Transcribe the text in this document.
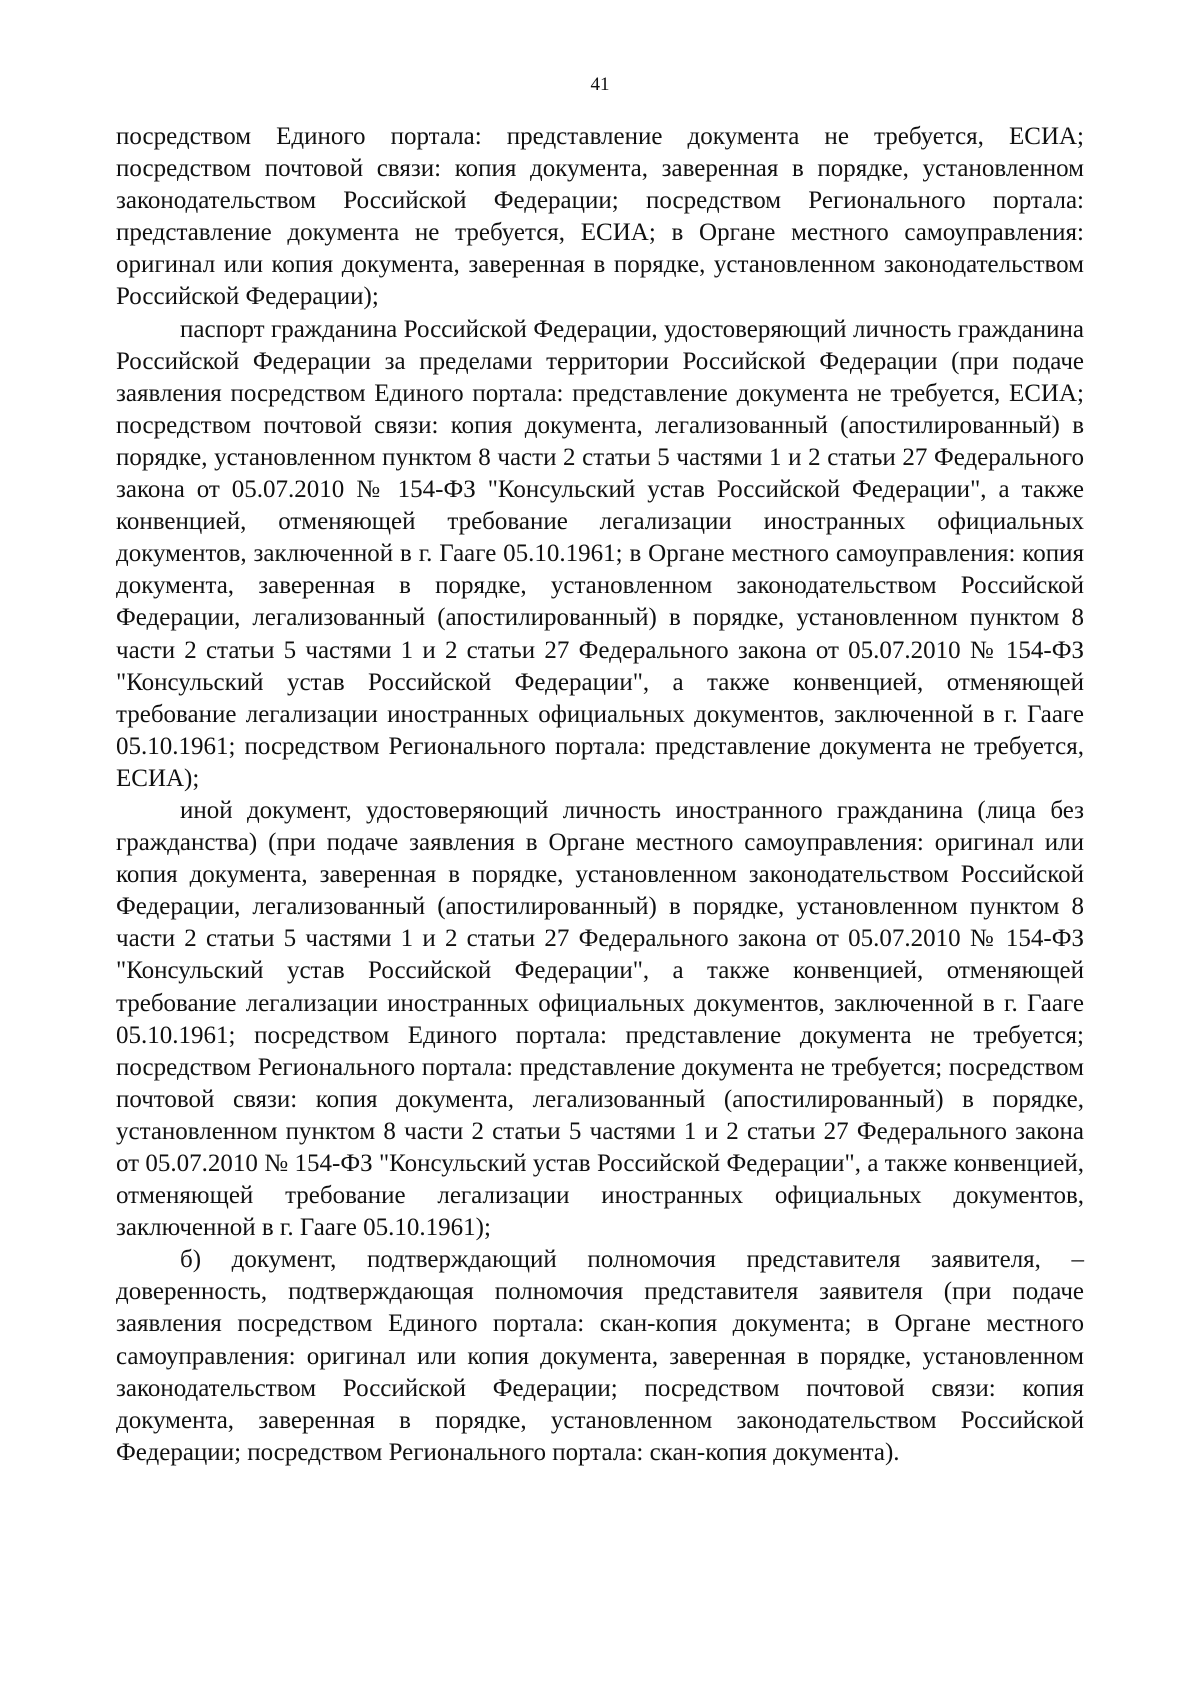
41

посредством Единого портала: представление документа не требуется, ЕСИА; посредством почтовой связи: копия документа, заверенная в порядке, установленном законодательством Российской Федерации; посредством Регионального портала: представление документа не требуется, ЕСИА; в Органе местного самоуправления: оригинал или копия документа, заверенная в порядке, установленном законодательством Российской Федерации);

паспорт гражданина Российской Федерации, удостоверяющий личность гражданина Российской Федерации за пределами территории Российской Федерации (при подаче заявления посредством Единого портала: представление документа не требуется, ЕСИА; посредством почтовой связи: копия документа, легализованный (апостилированный) в порядке, установленном пунктом 8 части 2 статьи 5 частями 1 и 2 статьи 27 Федерального закона от 05.07.2010 № 154-ФЗ "Консульский устав Российской Федерации", а также конвенцией, отменяющей требование легализации иностранных официальных документов, заключенной в г. Гааге 05.10.1961; в Органе местного самоуправления: копия документа, заверенная в порядке, установленном законодательством Российской Федерации, легализованный (апостилированный) в порядке, установленном пунктом 8 части 2 статьи 5 частями 1 и 2 статьи 27 Федерального закона от 05.07.2010 № 154-ФЗ "Консульский устав Российской Федерации", а также конвенцией, отменяющей требование легализации иностранных официальных документов, заключенной в г. Гааге 05.10.1961; посредством Регионального портала: представление документа не требуется, ЕСИА);

иной документ, удостоверяющий личность иностранного гражданина (лица без гражданства) (при подаче заявления в Органе местного самоуправления: оригинал или копия документа, заверенная в порядке, установленном законодательством Российской Федерации, легализованный (апостилированный) в порядке, установленном пунктом 8 части 2 статьи 5 частями 1 и 2 статьи 27 Федерального закона от 05.07.2010 № 154-ФЗ "Консульский устав Российской Федерации", а также конвенцией, отменяющей требование легализации иностранных официальных документов, заключенной в г. Гааге 05.10.1961; посредством Единого портала: представление документа не требуется; посредством Регионального портала: представление документа не требуется; посредством почтовой связи: копия документа, легализованный (апостилированный) в порядке, установленном пунктом 8 части 2 статьи 5 частями 1 и 2 статьи 27 Федерального закона от 05.07.2010 № 154-ФЗ "Консульский устав Российской Федерации", а также конвенцией, отменяющей требование легализации иностранных официальных документов, заключенной в г. Гааге 05.10.1961);

б) документ, подтверждающий полномочия представителя заявителя, – доверенность, подтверждающая полномочия представителя заявителя (при подаче заявления посредством Единого портала: скан-копия документа; в Органе местного самоуправления: оригинал или копия документа, заверенная в порядке, установленном законодательством Российской Федерации; посредством почтовой связи: копия документа, заверенная в порядке, установленном законодательством Российской Федерации; посредством Регионального портала: скан-копия документа).
